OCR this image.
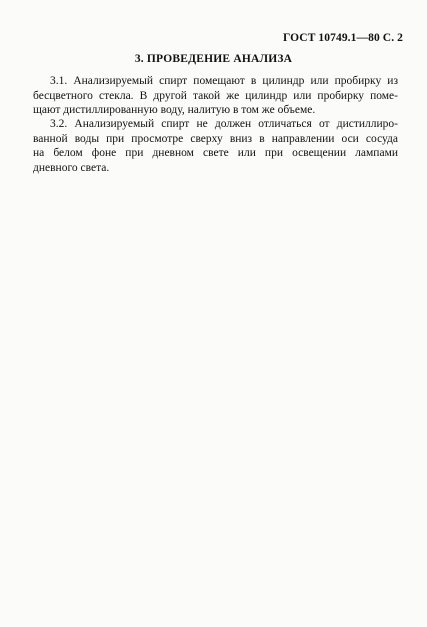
ГОСТ 10749.1—80 С. 2
3. ПРОВЕДЕНИЕ АНАЛИЗА
3.1. Анализируемый спирт помещают в цилиндр или пробирку из
бесцветного стекла. В другой такой же цилиндр или пробирку поме-
щают дистиллированную воду, налитую в том же объеме.
3.2. Анализируемый спирт не должен отличаться от дистиллиро-
ванной воды при просмотре сверху вниз в направлении оси сосуда
на белом фоне при дневном свете или при освещении лампами
дневного света.
